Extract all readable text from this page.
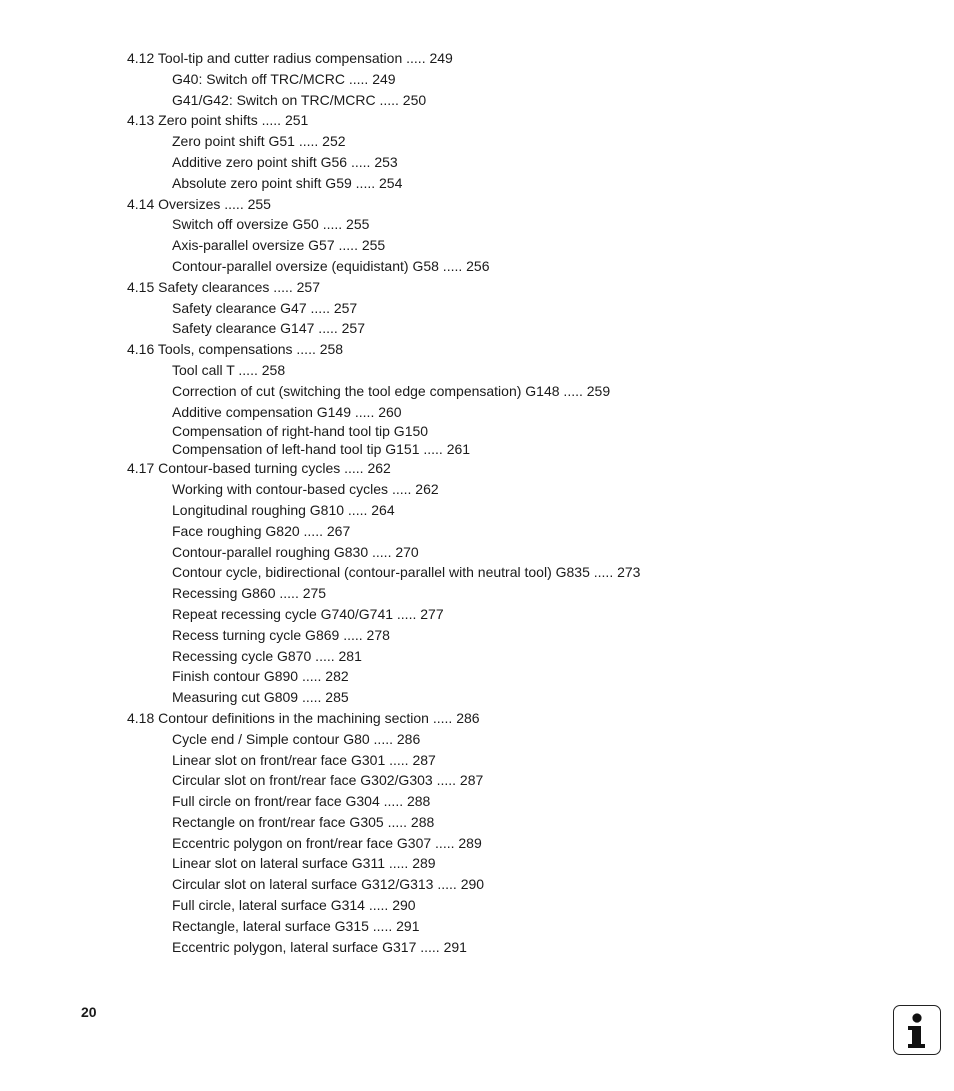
4.12 Tool-tip and cutter radius compensation ..... 249
G40: Switch off TRC/MCRC ..... 249
G41/G42: Switch on TRC/MCRC ..... 250
4.13 Zero point shifts ..... 251
Zero point shift G51 ..... 252
Additive zero point shift G56 ..... 253
Absolute zero point shift G59 ..... 254
4.14 Oversizes ..... 255
Switch off oversize G50 ..... 255
Axis-parallel oversize G57 ..... 255
Contour-parallel oversize (equidistant) G58 ..... 256
4.15 Safety clearances ..... 257
Safety clearance G47 ..... 257
Safety clearance G147 ..... 257
4.16 Tools, compensations ..... 258
Tool call T ..... 258
Correction of cut (switching the tool edge compensation) G148 ..... 259
Additive compensation G149 ..... 260
Compensation of right-hand tool tip G150
Compensation of left-hand tool tip G151 ..... 261
4.17 Contour-based turning cycles ..... 262
Working with contour-based cycles ..... 262
Longitudinal roughing G810 ..... 264
Face roughing G820 ..... 267
Contour-parallel roughing G830 ..... 270
Contour cycle, bidirectional (contour-parallel with neutral tool) G835 ..... 273
Recessing G860 ..... 275
Repeat recessing cycle G740/G741 ..... 277
Recess turning cycle G869 ..... 278
Recessing cycle G870 ..... 281
Finish contour G890 ..... 282
Measuring cut G809 ..... 285
4.18 Contour definitions in the machining section ..... 286
Cycle end / Simple contour G80 ..... 286
Linear slot on front/rear face G301 ..... 287
Circular slot on front/rear face G302/G303 ..... 287
Full circle on front/rear face G304 ..... 288
Rectangle on front/rear face G305 ..... 288
Eccentric polygon on front/rear face G307 ..... 289
Linear slot on lateral surface G311 ..... 289
Circular slot on lateral surface G312/G313 ..... 290
Full circle, lateral surface G314 ..... 290
Rectangle, lateral surface G315 ..... 291
Eccentric polygon, lateral surface G317 ..... 291
20
